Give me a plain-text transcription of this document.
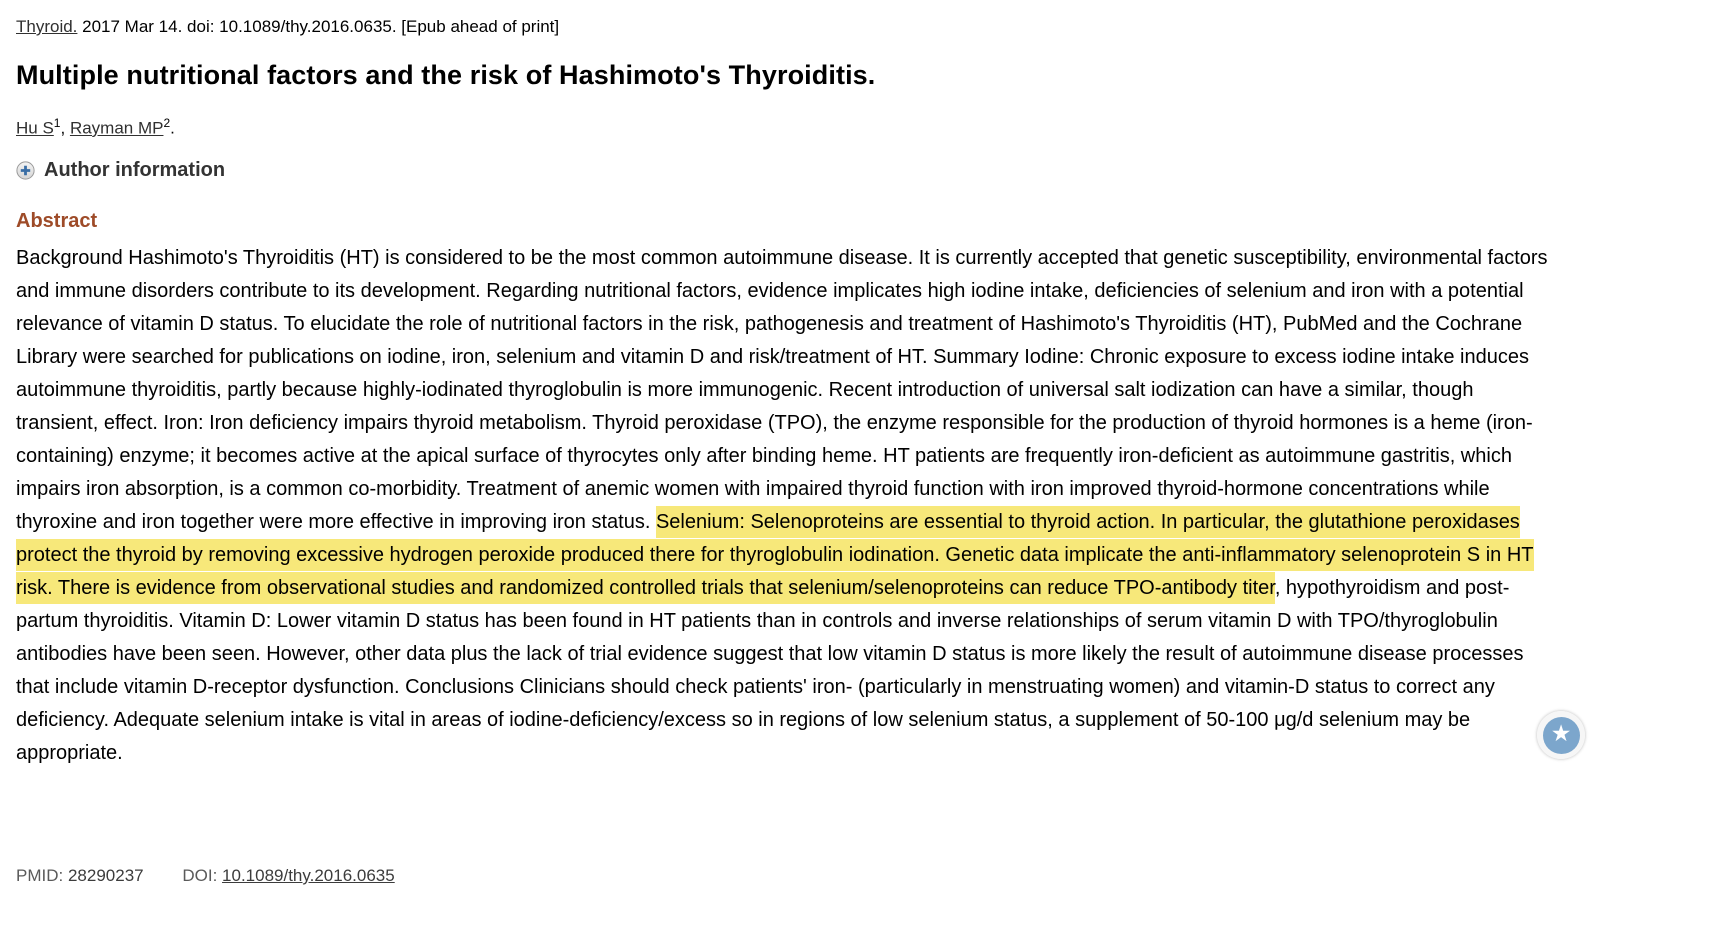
Thyroid. 2017 Mar 14. doi: 10.1089/thy.2016.0635. [Epub ahead of print]
Multiple nutritional factors and the risk of Hashimoto's Thyroiditis.
Hu $S^1$, Rayman $MP^2$.
Author information
Abstract
Background Hashimoto's Thyroiditis (HT) is considered to be the most common autoimmune disease. It is currently accepted that genetic susceptibility, environmental factors and immune disorders contribute to its development. Regarding nutritional factors, evidence implicates high iodine intake, deficiencies of selenium and iron with a potential relevance of vitamin D status. To elucidate the role of nutritional factors in the risk, pathogenesis and treatment of Hashimoto's Thyroiditis (HT), PubMed and the Cochrane Library were searched for publications on iodine, iron, selenium and vitamin D and risk/treatment of HT. Summary Iodine: Chronic exposure to excess iodine intake induces autoimmune thyroiditis, partly because highly-iodinated thyroglobulin is more immunogenic. Recent introduction of universal salt iodization can have a similar, though transient, effect. Iron: Iron deficiency impairs thyroid metabolism. Thyroid peroxidase (TPO), the enzyme responsible for the production of thyroid hormones is a heme (iron-containing) enzyme; it becomes active at the apical surface of thyrocytes only after binding heme. HT patients are frequently iron-deficient as autoimmune gastritis, which impairs iron absorption, is a common co-morbidity. Treatment of anemic women with impaired thyroid function with iron improved thyroid-hormone concentrations while thyroxine and iron together were more effective in improving iron status. Selenium: Selenoproteins are essential to thyroid action. In particular, the glutathione peroxidases protect the thyroid by removing excessive hydrogen peroxide produced there for thyroglobulin iodination. Genetic data implicate the anti-inflammatory selenoprotein S in HT risk. There is evidence from observational studies and randomized controlled trials that selenium/selenoproteins can reduce TPO-antibody titer, hypothyroidism and post-partum thyroiditis. Vitamin D: Lower vitamin D status has been found in HT patients than in controls and inverse relationships of serum vitamin D with TPO/thyroglobulin antibodies have been seen. However, other data plus the lack of trial evidence suggest that low vitamin D status is more likely the result of autoimmune disease processes that include vitamin D-receptor dysfunction. Conclusions Clinicians should check patients' iron- (particularly in menstruating women) and vitamin-D status to correct any deficiency. Adequate selenium intake is vital in areas of iodine-deficiency/excess so in regions of low selenium status, a supplement of 50-100 μg/d selenium may be appropriate.
★
PMID: 28290237 DOI: 10.1089/thy.2016.0635
